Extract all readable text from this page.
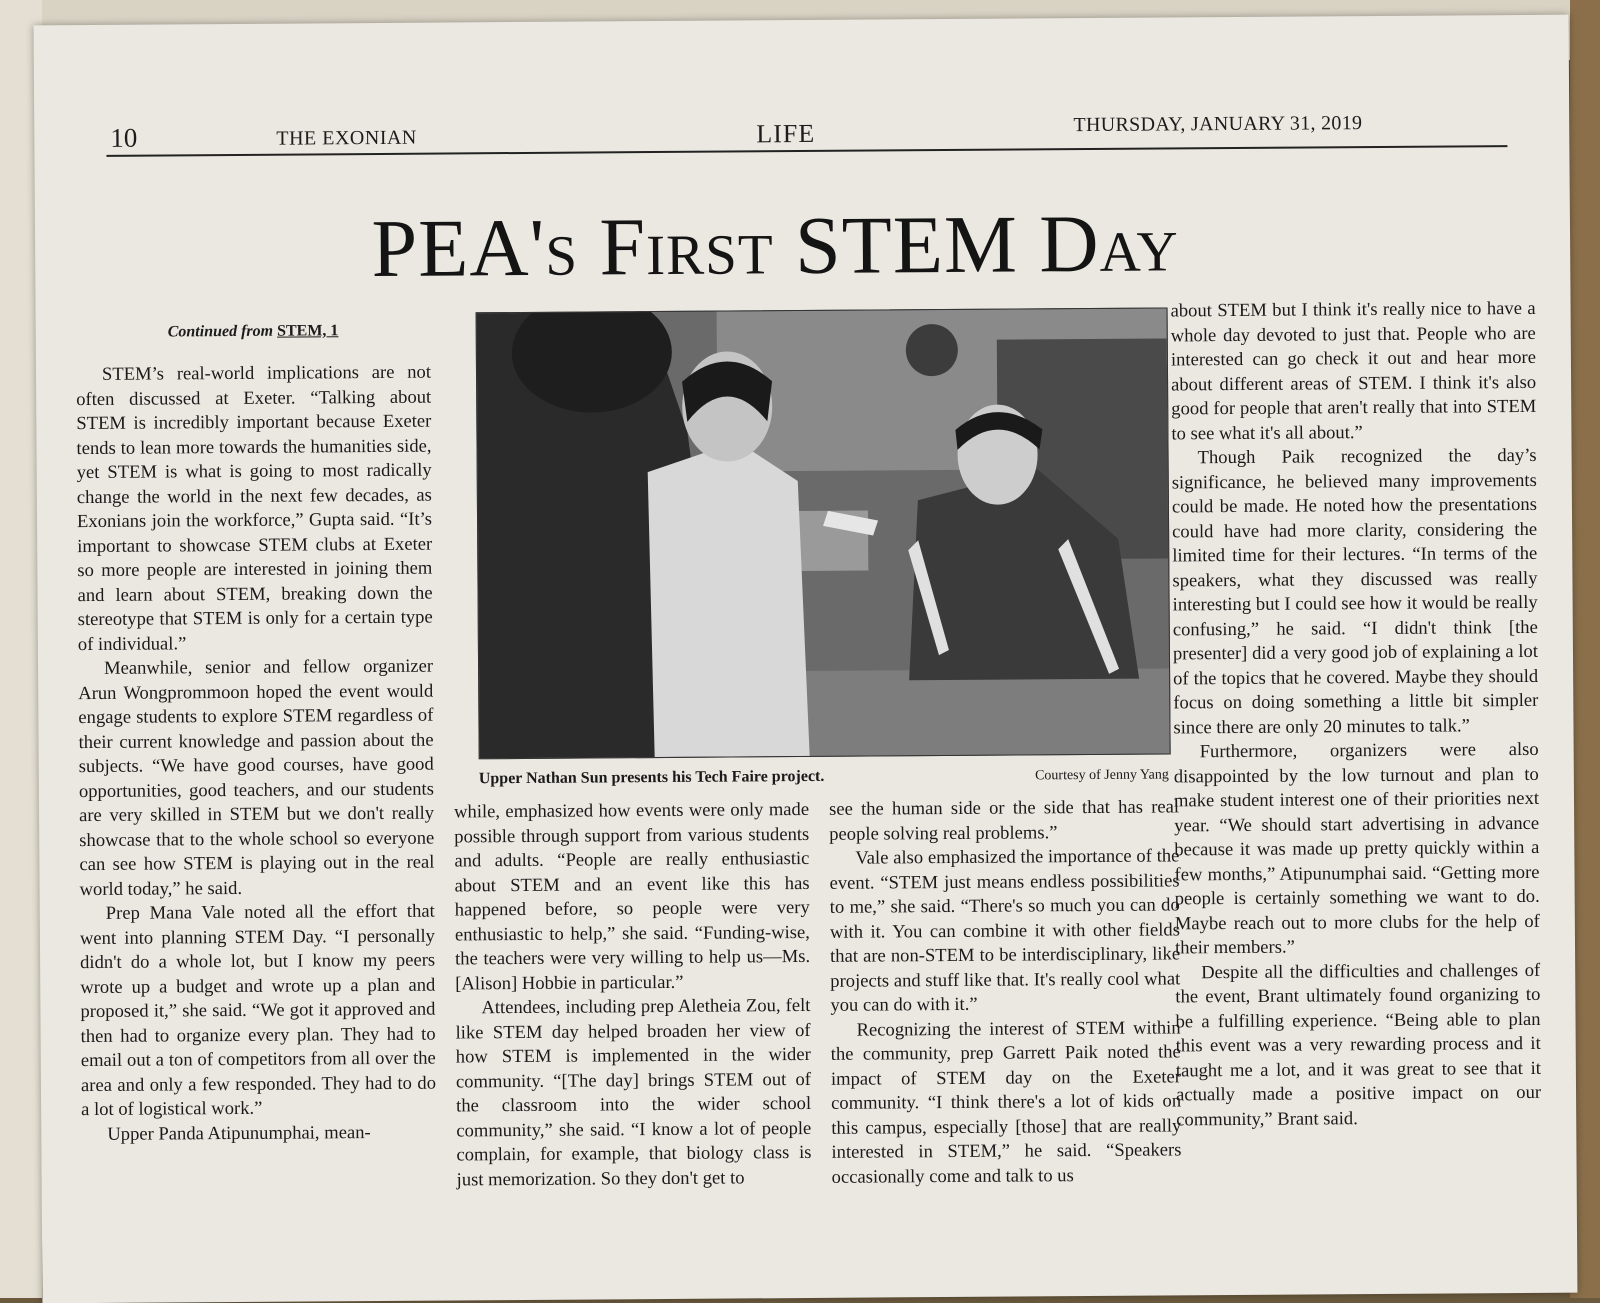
10	THE EXONIAN	LIFE	THURSDAY, JANUARY 31, 2019
PEA's First STEM Day
Continued from STEM, 1

STEM’s real-world implications are not often discussed at Exeter. “Talking about STEM is incredibly important because Exeter tends to lean more towards the humanities side, yet STEM is what is going to most radically change the world in the next few decades, as Exonians join the workforce,” Gupta said. “It’s important to showcase STEM clubs at Exeter so more people are interested in joining them and learn about STEM, breaking down the stereotype that STEM is only for a certain type of individual.”

Meanwhile, senior and fellow organizer Arun Wongprommoon hoped the event would engage students to explore STEM regardless of their current knowledge and passion about the subjects. “We have good courses, have good opportunities, good teachers, and our students are very skilled in STEM but we don't really showcase that to the whole school so everyone can see how STEM is playing out in the real world today,” he said.

Prep Mana Vale noted all the effort that went into planning STEM Day. “I personally didn't do a whole lot, but I know my peers wrote up a budget and wrote up a plan and proposed it,” she said. “We got it approved and then had to organize every plan. They had to email out a ton of competitors from all over the area and only a few responded. They had to do a lot of logistical work.”

Upper Panda Atipunumphai, mean-

Upper Nathan Sun presents his Tech Faire project.	Courtesy of Jenny Yang

while, emphasized how events were only made possible through support from various students and adults. “People are really enthusiastic about STEM and an event like this has happened before, so people were very enthusiastic to help,” she said. “Funding-wise, the teachers were very willing to help us—Ms. [Alison] Hobbie in particular.”

Attendees, including prep Aletheia Zou, felt like STEM day helped broaden her view of how STEM is implemented in the wider community. “[The day] brings STEM out of the classroom into the wider school community,” she said. “I know a lot of people complain, for example, that biology class is just memorization. So they don't get to

see the human side or the side that has real people solving real problems.”

Vale also emphasized the importance of the event. “STEM just means endless possibilities to me,” she said. “There's so much you can do with it. You can combine it with other fields that are non-STEM to be interdisciplinary, like projects and stuff like that. It's really cool what you can do with it.”

Recognizing the interest of STEM within the community, prep Garrett Paik noted the impact of STEM day on the Exeter community. “I think there's a lot of kids on this campus, especially [those] that are really interested in STEM,” he said. “Speakers occasionally come and talk to us

about STEM but I think it's really nice to have a whole day devoted to just that. People who are interested can go check it out and hear more about different areas of STEM. I think it's also good for people that aren't really that into STEM to see what it's all about.”

Though Paik recognized the day’s significance, he believed many improvements could be made. He noted how the presentations could have had more clarity, considering the limited time for their lectures. “In terms of the speakers, what they discussed was really interesting but I could see how it would be really confusing,” he said. “I didn't think [the presenter] did a very good job of explaining a lot of the topics that he covered. Maybe they should focus on doing something a little bit simpler since there are only 20 minutes to talk.”

Furthermore, organizers were also disappointed by the low turnout and plan to make student interest one of their priorities next year. “We should start advertising in advance because it was made up pretty quickly within a few months,” Atipunumphai said. “Getting more people is certainly something we want to do. Maybe reach out to more clubs for the help of their members.”

Despite all the difficulties and challenges of the event, Brant ultimately found organizing to be a fulfilling experience. “Being able to plan this event was a very rewarding process and it taught me a lot, and it was great to see that it actually made a positive impact on our community,” Brant said.
